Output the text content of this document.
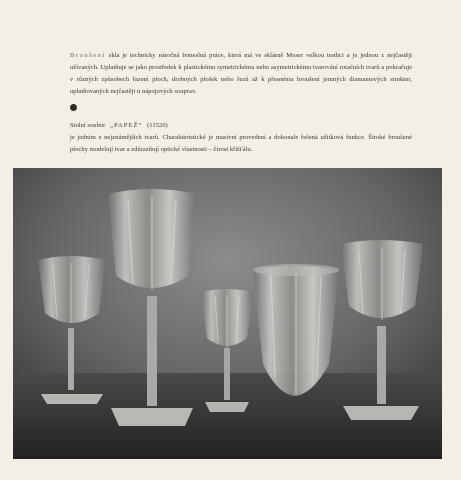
Broušení skla je technicky náročná řemeslná práce, která má ve sklárně Moser velkou tradici a je jednou z nejčastěji užívaných. Uplatňuje se jako prostředek k plastickému symetrickému nebo asymetrickému tvarování rotačních tvarů a pokračuje v různých způsobech řazení ploch, drobných plošek nebo řezů až k přesnému broušení jemných diamantových struktur, uplatňovaných nejčastěji u nápojových souprav.

Stolní soubor „PAPEŽ“ (11520)
je jedním z nejznámějších tvarů. Charakteristické je masivní provedení a dokonale řešená užitková funkce. Široké broušené plochy modelují tvar a zdůrazňují optické vlastnosti – čirost křišťálu.
